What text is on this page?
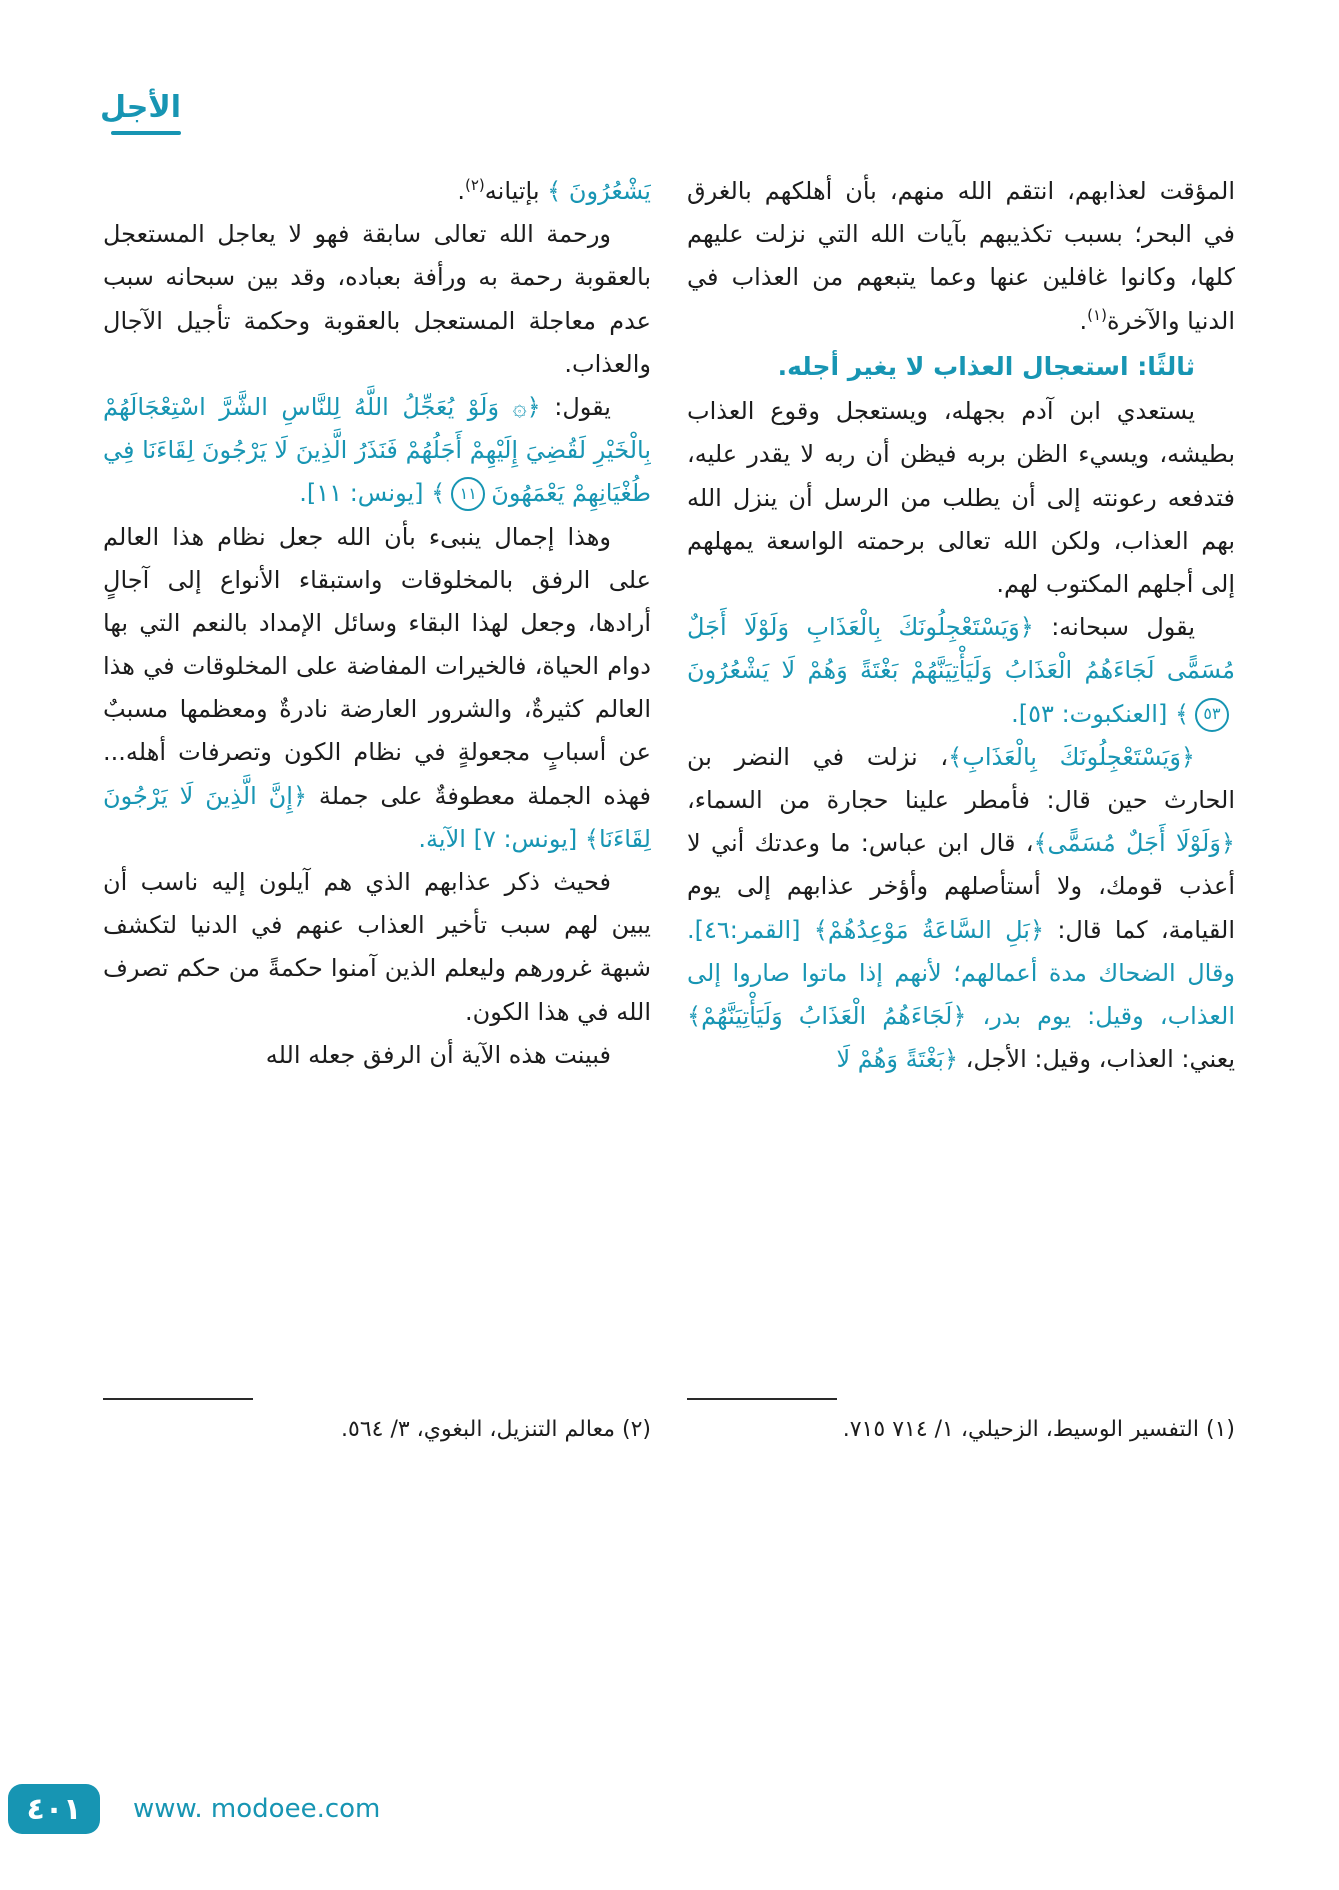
الأجل

المؤقت لعذابهم، انتقم الله منهم، بأن أهلكهم بالغرق في البحر؛ بسبب تكذيبهم بآيات الله التي نزلت عليهم كلها، وكانوا غافلين عنها وعما يتبعهم من العذاب في الدنيا والآخرة$^{(١)}$.

ثالثًا: استعجال العذاب لا يغير أجله.

يستعدي ابن آدم بجهله، ويستعجل وقوع العذاب بطيشه، ويسيء الظن بربه فيظن أن ربه لا يقدر عليه، فتدفعه رعونته إلى أن يطلب من الرسل أن ينزل الله بهم العذاب، ولكن الله تعالى برحمته الواسعة يمهلهم إلى أجلهم المكتوب لهم.

يقول سبحانه: ﴿وَيَسْتَعْجِلُونَكَ بِالْعَذَابِ وَلَوْلَا أَجَلٌ مُسَمًّى لَجَاءَهُمُ الْعَذَابُ وَلَيَأْتِيَنَّهُمْ بَغْتَةً وَهُمْ لَا يَشْعُرُونَ٥٣﴾ [العنكبوت: ٥٣].

﴿وَيَسْتَعْجِلُونَكَ بِالْعَذَابِ﴾، نزلت في النضر بن الحارث حين قال: فأمطر علينا حجارة من السماء، ﴿وَلَوْلَا أَجَلٌ مُسَمًّى﴾، قال ابن عباس: ما وعدتك أني لا أعذب قومك، ولا أستأصلهم وأؤخر عذابهم إلى يوم القيامة، كما قال: ﴿بَلِ السَّاعَةُ مَوْعِدُهُمْ﴾ [القمر:٤٦]. وقال الضحاك مدة أعمالهم؛ لأنهم إذا ماتوا صاروا إلى العذاب، وقيل: يوم بدر، ﴿لَجَاءَهُمُ الْعَذَابُ وَلَيَأْتِيَنَّهُمْ﴾ يعني: العذاب، وقيل: الأجل، ﴿بَغْتَةً وَهُمْ لَا

يَشْعُرُونَ ﴾ بإتيانه$^{(٢)}$.

ورحمة الله تعالى سابقة فهو لا يعاجل المستعجل بالعقوبة رحمة به ورأفة بعباده، وقد بين سبحانه سبب عدم معاجلة المستعجل بالعقوبة وحكمة تأجيل الآجال والعذاب.

يقول: ﴿۞ وَلَوْ يُعَجِّلُ اللَّهُ لِلنَّاسِ الشَّرَّ اسْتِعْجَالَهُمْ بِالْخَيْرِ لَقُضِيَ إِلَيْهِمْ أَجَلُهُمْ فَنَذَرُ الَّذِينَ لَا يَرْجُونَ لِقَاءَنَا فِي طُغْيَانِهِمْ يَعْمَهُونَ١١﴾ [يونس: ١١].

وهذا إجمال ينبىء بأن الله جعل نظام هذا العالم على الرفق بالمخلوقات واستبقاء الأنواع إلى آجالٍ أرادها، وجعل لهذا البقاء وسائل الإمداد بالنعم التي بها دوام الحياة، فالخيرات المفاضة على المخلوقات في هذا العالم كثيرةٌ، والشرور العارضة نادرةٌ ومعظمها مسببٌ عن أسبابٍ مجعولةٍ في نظام الكون وتصرفات أهله... فهذه الجملة معطوفةٌ على جملة ﴿إِنَّ الَّذِينَ لَا يَرْجُونَ لِقَاءَنَا﴾ [يونس: ٧] الآية.

فحيث ذكر عذابهم الذي هم آيلون إليه ناسب أن يبين لهم سبب تأخير العذاب عنهم في الدنيا لتكشف شبهة غرورهم وليعلم الذين آمنوا حكمةً من حكم تصرف الله في هذا الكون.

فبينت هذه الآية أن الرفق جعله الله

(١) التفسير الوسيط، الزحيلي، ١/ ٧١٤ ٧١٥.

(٢) معالم التنزيل، البغوي، ٣/ ٥٦٤.

٤٠١	www. modoee.com
